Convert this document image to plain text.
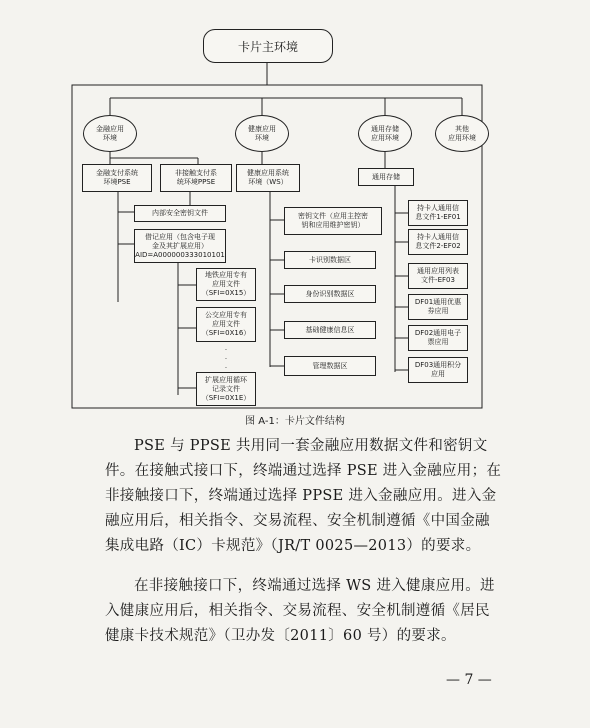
卡片主环境
金融应用
环境
健康应用
环境
通用存储
应用环境
其他
应用环境
金融支付系统
环境PSE
非接触支付系
统环境PPSE
内部安全密钥文件
借记应用（包含电子现
金及其扩展应用）
AID=A000000333010101
地铁应用专有
应用文件
（SFI=0X15）
公交应用专有
应用文件
（SFI=0X16）
·
·
·
扩展应用循环
记录文件
（SFI=0X1E）
健康应用系统
环境（WS）
密钥文件（应用主控密
钥和应用维护密钥）
卡识别数据区
身份识别数据区
基础健康信息区
管理数据区
通用存储
持卡人通用信
息文件1-EF01
持卡人通用信
息文件2-EF02
通用应用列表
文件-EF03
DF01通用优惠
券应用
DF02通用电子
票应用
DF03通用积分
应用
图 A-1：卡片文件结构
PSE 与 PPSE 共用同一套金融应用数据文件和密钥文件。在接触式接口下，终端通过选择 PSE 进入金融应用；在非接触接口下，终端通过选择 PPSE 进入金融应用。进入金融应用后，相关指令、交易流程、安全机制遵循《中国金融集成电路（IC）卡规范》（JR/T 0025—2013）的要求。
在非接触接口下，终端通过选择 WS 进入健康应用。进入健康应用后，相关指令、交易流程、安全机制遵循《居民健康卡技术规范》（卫办发〔2011〕60 号）的要求。
— 7 —
